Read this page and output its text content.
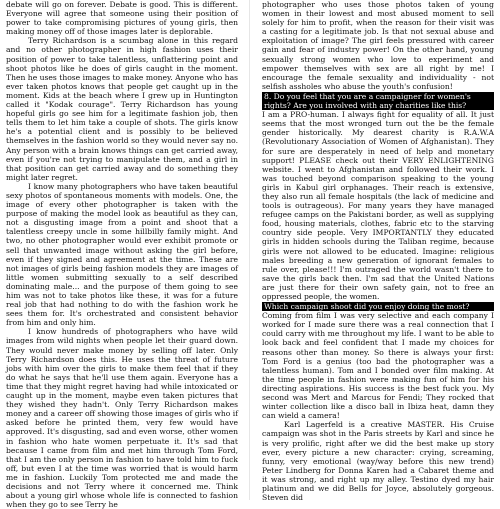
debate will go on forever. Debate is good. This is different. Everyone will agree that someone using their position of power to take compromising pictures of young girls, then making money off of those images later is deplorable.

Terry Richardson is a scumbag alone in this regard and no other photographer in high fashion uses their position of power to take talentless, unflattering point and shoot photos like he does of girls caught in the moment. Then he uses those images to make money. Anyone who has ever taken photos knows that people get caught up in the moment. Kids at the beach where I grew up in Huntington called it "Kodak courage". Terry Richardson has young hopeful girls go see him for a legitimate fashion job, then tells them to let him take a couple of shots. The girls know he's a potential client and is possibly to be believed themselves in the fashion world so they would never say no. Any person with a brain knows things can get carried away, even if you're not trying to manipulate them, and a girl in that position can get carried away and do something they might later regret.

I know many photographers who have taken beautiful sexy photos of spontaneous moments with models. One, the image of every other photographer is taken with the purpose of making the model look as beautiful as they can, not a disgusting image from a point and shoot that a talentless creepy uncle in some hillbilly family might. And two, no other photographer would ever exhibit promote or sell that unwanted image without asking the girl before, even if they signed and agreement at the time. These are not images of girls being fashion models they are images of little women submitting sexually to a self described dominating male... and the purpose of them going to see him was not to take photos like these, it was for a future real job that had nothing to do with the fashion work he sees them for. It's orchestrated and consistent behavior from him and only him.

I know hundreds of photographers who have wild images from wild nights when people let their guard down. They would never make money by selling off later. Only Terry Richardson does this. He uses the threat of future jobs with him over the girls to make them feel that if they do what he says that he'll use them again. Everyone has a time that they might regret having had while intoxicated or caught up in the moment, maybe even taken pictures that they wished they hadn't. Only Terry Richardson makes money and a career off showing those images of girls who if asked before he printed them, very few would have approved. It's disgusting, sad and even worse, other women in fashion who hate women perpetuate it. It's sad that because I came from film and met him through Tom Ford, that I am the only person in fashion to have told him to fuck off, but even I at the time was worried that is would harm me in fashion. Luckily Tom protected me and made the decisions and not Terry where it concerned me. Think about a young girl whose whole life is connected to fashion when they go to see Terry he

photographer who uses those photos taken of young women in their lowest and most abused moment to sell solely for him to profit, when the reason for their visit was a casting for a legitimate job. Is that not sexual abuse and exploitation of image? The girl feels pressured with career gain and fear of industry power! On the other hand, young sexually strong women who love to experiment and empower themselves with sex are all right by me! I encourage the female sexuality and individuality - not selfish assholes who abuse the youth's confusion!

8. Do you feel that you are a campaigner for women's rights? Are you involved with any charities like this?

I am a PRO-human. I always fight for equality of all. It just seems that the most wronged turn out the be the female gender historically. My dearest charity is R.A.W.A (Revolutionary Association of Women of Afghanistan). They for sure are desperately in need of help and monetary support! PLEASE check out their VERY ENLIGHTENING website. I went to Afghanistan and followed their work. I was touched beyond comparison speaking to the young girls in Kabul girl orphanages. Their reach is extensive, they also run all female hospitals (the lack of medicine and tools is outrageous). For many years they have managed refugee camps on the Pakistani border, as well as supplying food, housing materials, clothes, fabric etc to the starving country side people. Very IMPORTANTLY they educated girls in hidden schools during the Taliban regime, because girls were not allowed to be educated. Imagine: religious males breeding a new generation of ignorant females to rule over, please!!! I'm outraged the world wasn't there to save the girls back then. I'm sad that the United Nations are just there for their own safety gain, not to free an oppressed people, the women.

Which campaign shoot did you enjoy doing the most?

Coming from film I was very selective and each company I worked for I made sure there was a real connection that I could carry with me throughout my life. I want to be able to look back and feel confident that I made my choices for reasons other than money. So there is always your first: Tom Ford is a genius (too bad the photographer was a talentless human). Tom and I bonded over film making. At the time people in fashion were making fun of him for his directing aspirations. His success is the best fuck you. My second was Mert and Marcus for Fendi; They rocked that winter collection like a disco ball in Ibiza heat, damn they can wield a camera!

Karl Lagerfeld is a creative MASTER. His Cruise campaign was shot in the Paris streets by Karl and since he is very prolific, right after we did the best make up story ever, every picture a new character: crying, screaming, funny, very emotional (way/way before this new trend) Peter Lindberg for Donna Karen had a Cabaret theme and it was strong, and right up my alley. Testino dyed my hair platinum and we did Bells for Joyce, absolutely gorgeous. Steven did
